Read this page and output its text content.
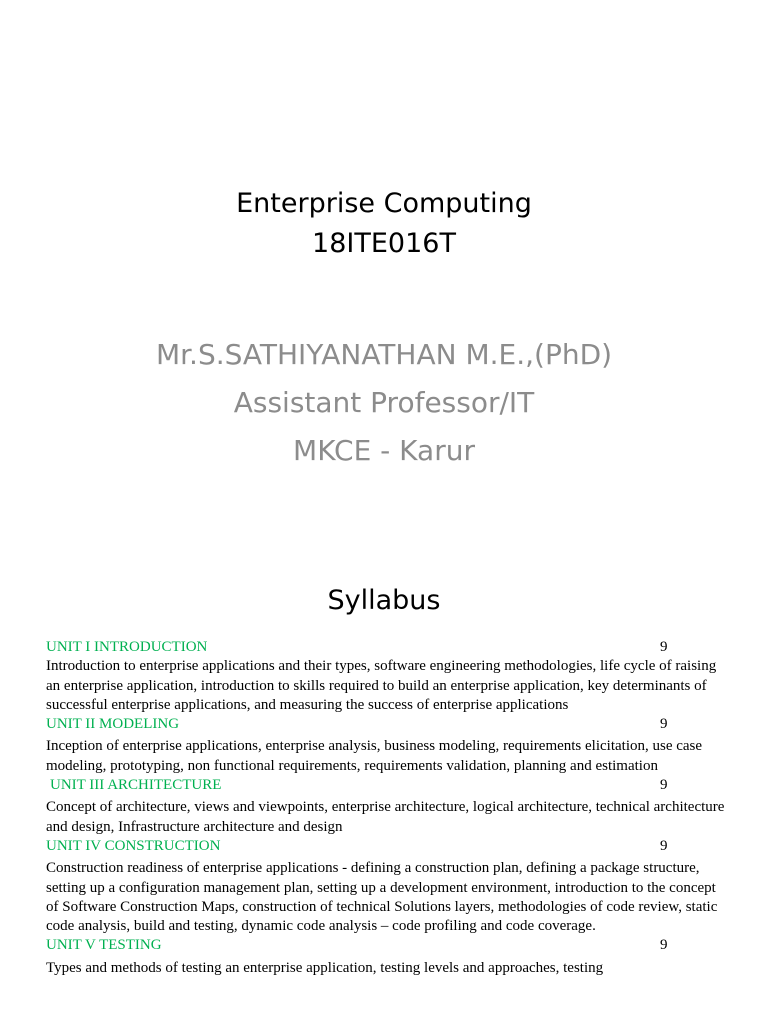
Enterprise Computing
18ITE016T
Mr.S.SATHIYANATHAN M.E.,(PhD)
Assistant Professor/IT
MKCE - Karur
Syllabus
UNIT I INTRODUCTION	9

Introduction to enterprise applications and their types, software engineering methodologies, life cycle of raising an enterprise application, introduction to skills required to build an enterprise application, key determinants of successful enterprise applications, and measuring the success of enterprise applications

UNIT II MODELING	9

Inception of enterprise applications, enterprise analysis, business modeling, requirements elicitation, use case modeling, prototyping, non functional requirements, requirements validation, planning and estimation

UNIT III ARCHITECTURE	9

Concept of architecture, views and viewpoints, enterprise architecture, logical architecture, technical architecture and design, Infrastructure architecture and design

UNIT IV CONSTRUCTION	9

Construction readiness of enterprise applications - defining a construction plan, defining a package structure, setting up a configuration management plan, setting up a development environment, introduction to the concept of Software Construction Maps, construction of technical Solutions layers, methodologies of code review, static code analysis, build and testing, dynamic code analysis – code profiling and code coverage.

UNIT V TESTING	9

Types and methods of testing an enterprise application, testing levels and approaches, testing
